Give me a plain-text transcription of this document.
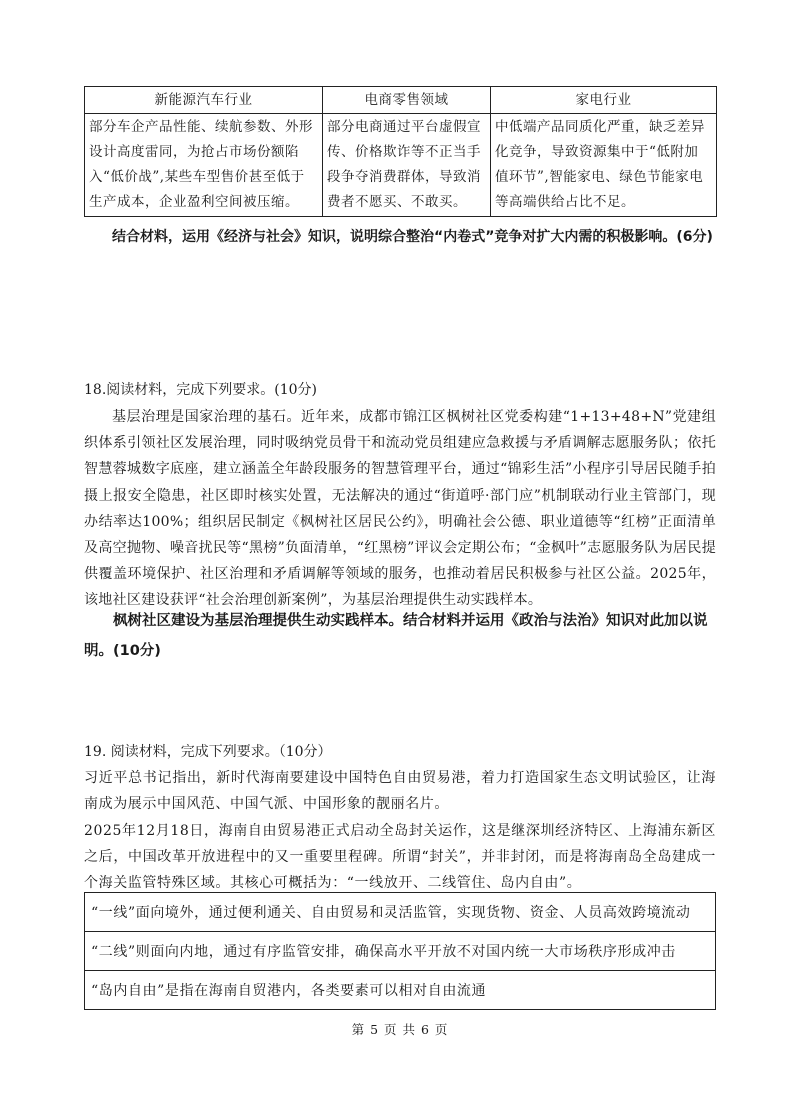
新能源汽车行业	电商零售领域	家电行业
部分车企产品性能、续航参数、外形设计高度雷同，为抢占市场份额陷入“低价战”,某些车型售价甚至低于生产成本，企业盈利空间被压缩。	部分电商通过平台虚假宣传、价格欺诈等不正当手段争夺消费群体，导致消费者不愿买、不敢买。	中低端产品同质化严重，缺乏差异化竞争，导致资源集中于“低附加值环节”,智能家电、绿色节能家电等高端供给占比不足。
结合材料，运用《经济与社会》知识，说明综合整治“内卷式”竞争对扩大内需的积极影响。(6分)
18.阅读材料，完成下列要求。(10分)
基层治理是国家治理的基石。近年来，成都市锦江区枫树社区党委构建“1+13+48+N”党建组织体系引领社区发展治理，同时吸纳党员骨干和流动党员组建应急救援与矛盾调解志愿服务队；依托智慧蓉城数字底座，建立涵盖全年龄段服务的智慧管理平台，通过“锦彩生活”小程序引导居民随手拍摄上报安全隐患，社区即时核实处置，无法解决的通过“街道呼·部门应”机制联动行业主管部门，现办结率达100%；组织居民制定《枫树社区居民公约》，明确社会公德、职业道德等“红榜”正面清单及高空抛物、噪音扰民等“黑榜”负面清单，“红黑榜”评议会定期公布；“金枫叶”志愿服务队为居民提供覆盖环境保护、社区治理和矛盾调解等领域的服务，也推动着居民积极参与社区公益。2025年，该地社区建设获评“社会治理创新案例”，为基层治理提供生动实践样本。
枫树社区建设为基层治理提供生动实践样本。结合材料并运用《政治与法治》知识对此加以说明。(10分)
19. 阅读材料，完成下列要求。（10分）
习近平总书记指出，新时代海南要建设中国特色自由贸易港，着力打造国家生态文明试验区，让海南成为展示中国风范、中国气派、中国形象的靓丽名片。
2025年12月18日，海南自由贸易港正式启动全岛封关运作，这是继深圳经济特区、上海浦东新区之后，中国改革开放进程中的又一重要里程碑。所谓“封关”，并非封闭，而是将海南岛全岛建成一个海关监管特殊区域。其核心可概括为：“一线放开、二线管住、岛内自由”。
“一线”面向境外，通过便利通关、自由贸易和灵活监管，实现货物、资金、人员高效跨境流动
“二线”则面向内地，通过有序监管安排，确保高水平开放不对国内统一大市场秩序形成冲击
“岛内自由”是指在海南自贸港内，各类要素可以相对自由流通
第 5 页 共 6 页
